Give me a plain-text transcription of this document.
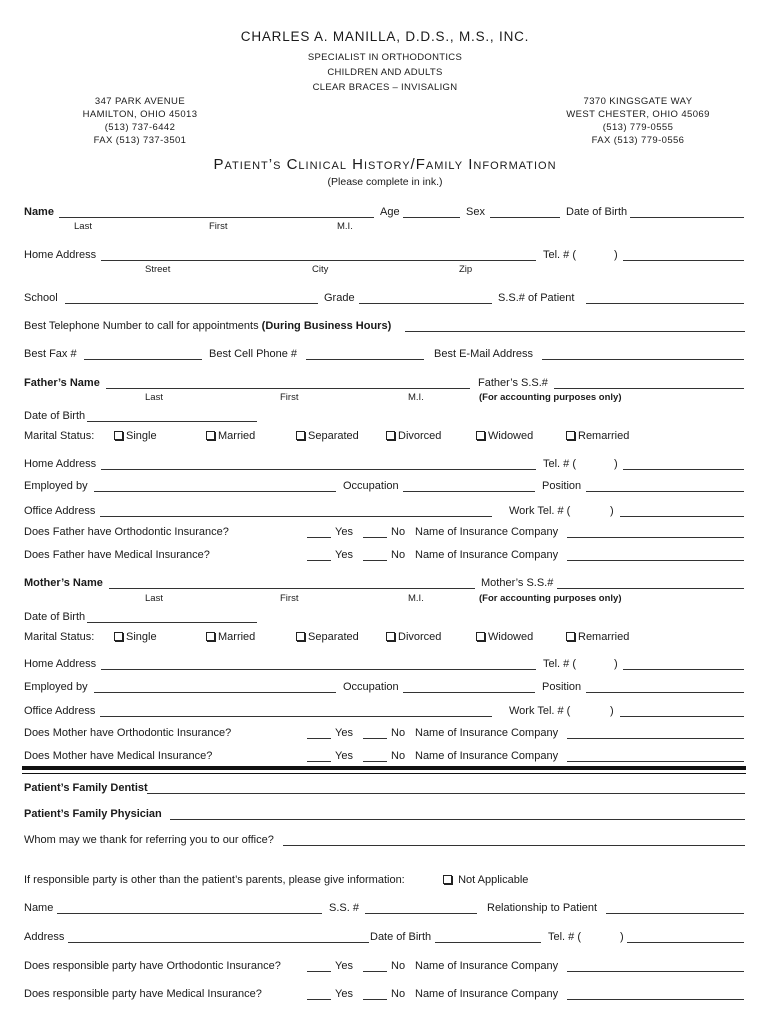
CHARLES A. MANILLA, D.D.S., M.S., INC.
SPECIALIST IN ORTHODONTICS
CHILDREN AND ADULTS
CLEAR BRACES – INVISALIGN
347 PARK AVENUE
HAMILTON, OHIO 45013
(513) 737-6442
FAX (513) 737-3501
7370 KINGSGATE WAY
WEST CHESTER, OHIO 45069
(513) 779-0555
FAX (513) 779-0556
Patient’s Clinical History/Family Information
(Please complete in ink.)
Name	Age	Sex	Date of Birth
Last	First	M.I.
Home Address	Tel. # (	)
Street	City	Zip
School	Grade	S.S.# of Patient
Best Telephone Number to call for appointments (During Business Hours)
Best Fax #	Best Cell Phone #	Best E-Mail Address
Father’s Name	Father’s S.S.#
Last	First	M.I.	(For accounting purposes only)
Date of Birth
Marital Status:	Single	Married	Separated	Divorced	Widowed	Remarried
Home Address	Tel. # (	)
Employed by	Occupation	Position
Office Address	Work Tel. # (	)
Does Father have Orthodontic Insurance?	Yes	No Name of Insurance Company
Does Father have Medical Insurance?	Yes	No Name of Insurance Company
Mother’s Name	Mother’s S.S.#
Last	First	M.I.	(For accounting purposes only)
Date of Birth
Marital Status:	Single	Married	Separated	Divorced	Widowed	Remarried
Home Address	Tel. # (	)
Employed by	Occupation	Position
Office Address	Work Tel. # (	)
Does Mother have Orthodontic Insurance?	Yes	No Name of Insurance Company
Does Mother have Medical Insurance?	Yes	No Name of Insurance Company
Patient’s Family Dentist
Patient’s Family Physician
Whom may we thank for referring you to our office?
If responsible party is other than the patient’s parents, please give information:	Not Applicable
Name	S.S. #	Relationship to Patient
Address	Date of Birth	Tel. # (	)
Does responsible party have Orthodontic Insurance?	Yes	No Name of Insurance Company
Does responsible party have Medical Insurance?	Yes	No Name of Insurance Company
